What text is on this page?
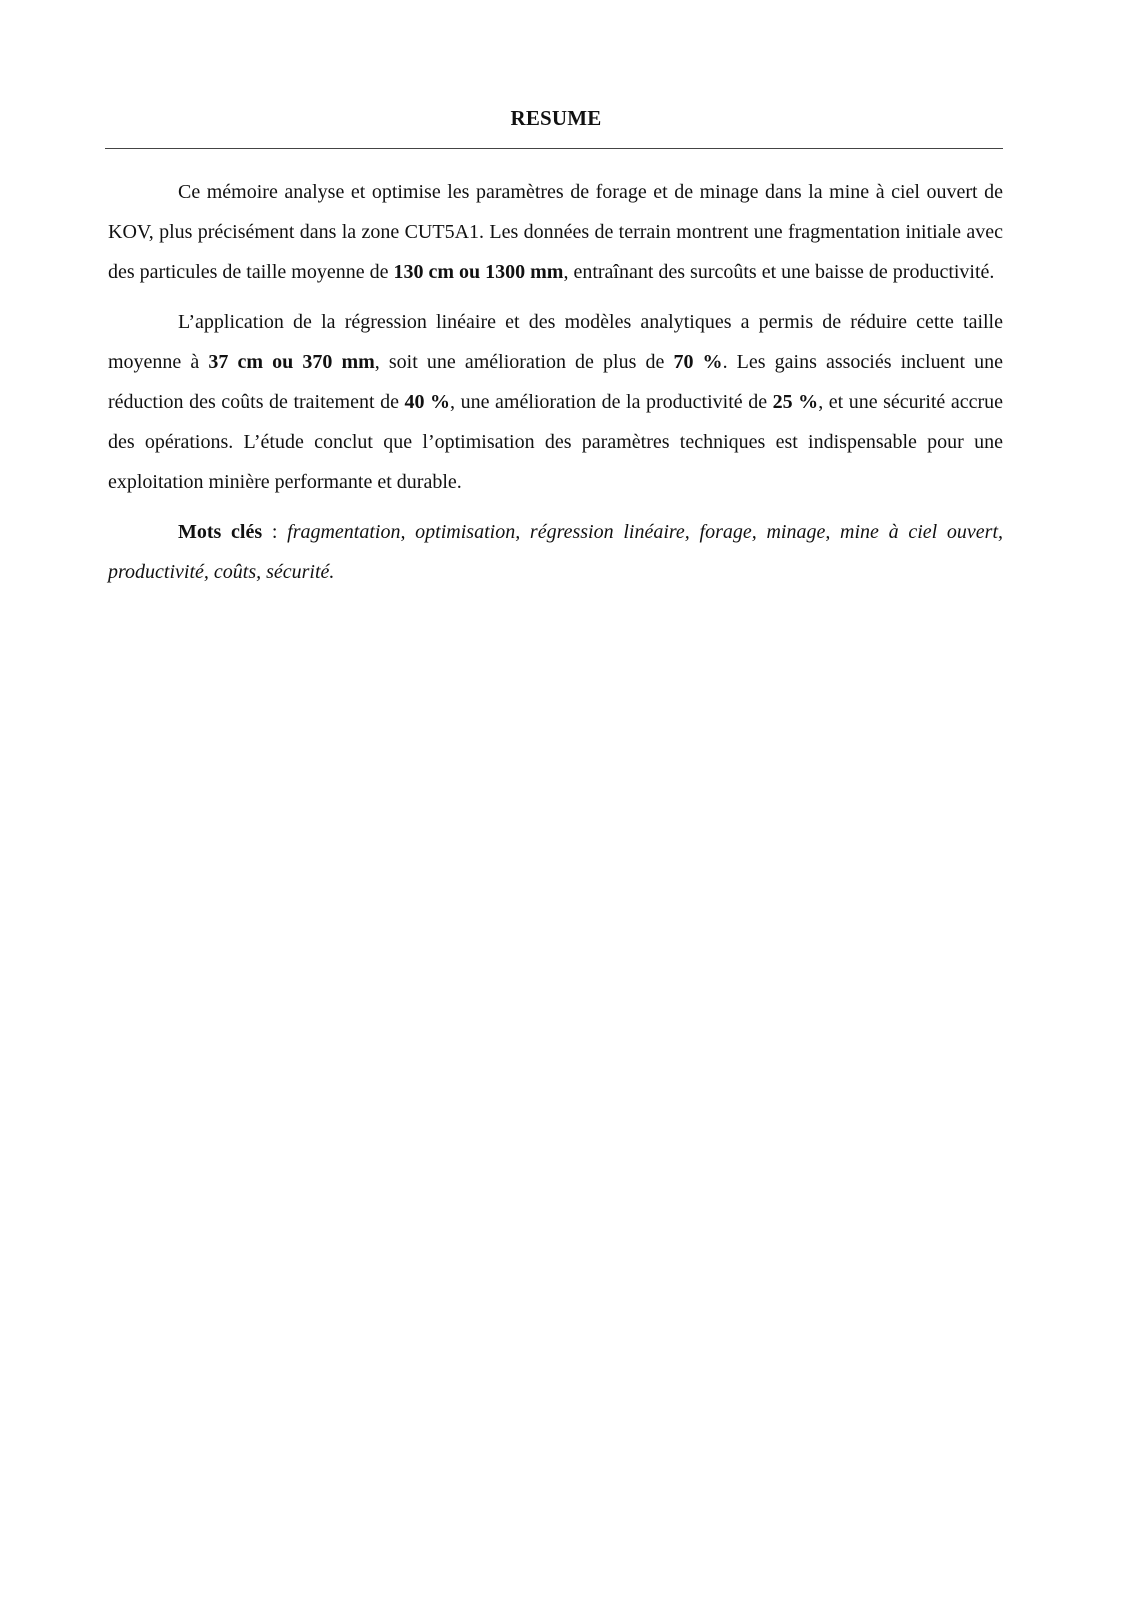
RESUME

Ce mémoire analyse et optimise les paramètres de forage et de minage dans la mine à ciel ouvert de KOV, plus précisément dans la zone CUT5A1. Les données de terrain montrent une fragmentation initiale avec des particules de taille moyenne de 130 cm ou 1300 mm, entraînant des surcoûts et une baisse de productivité.

L’application de la régression linéaire et des modèles analytiques a permis de réduire cette taille moyenne à 37 cm ou 370 mm, soit une amélioration de plus de 70 %. Les gains associés incluent une réduction des coûts de traitement de 40 %, une amélioration de la productivité de 25 %, et une sécurité accrue des opérations. L’étude conclut que l’optimisation des paramètres techniques est indispensable pour une exploitation minière performante et durable.

Mots clés : fragmentation, optimisation, régression linéaire, forage, minage, mine à ciel ouvert, productivité, coûts, sécurité.
